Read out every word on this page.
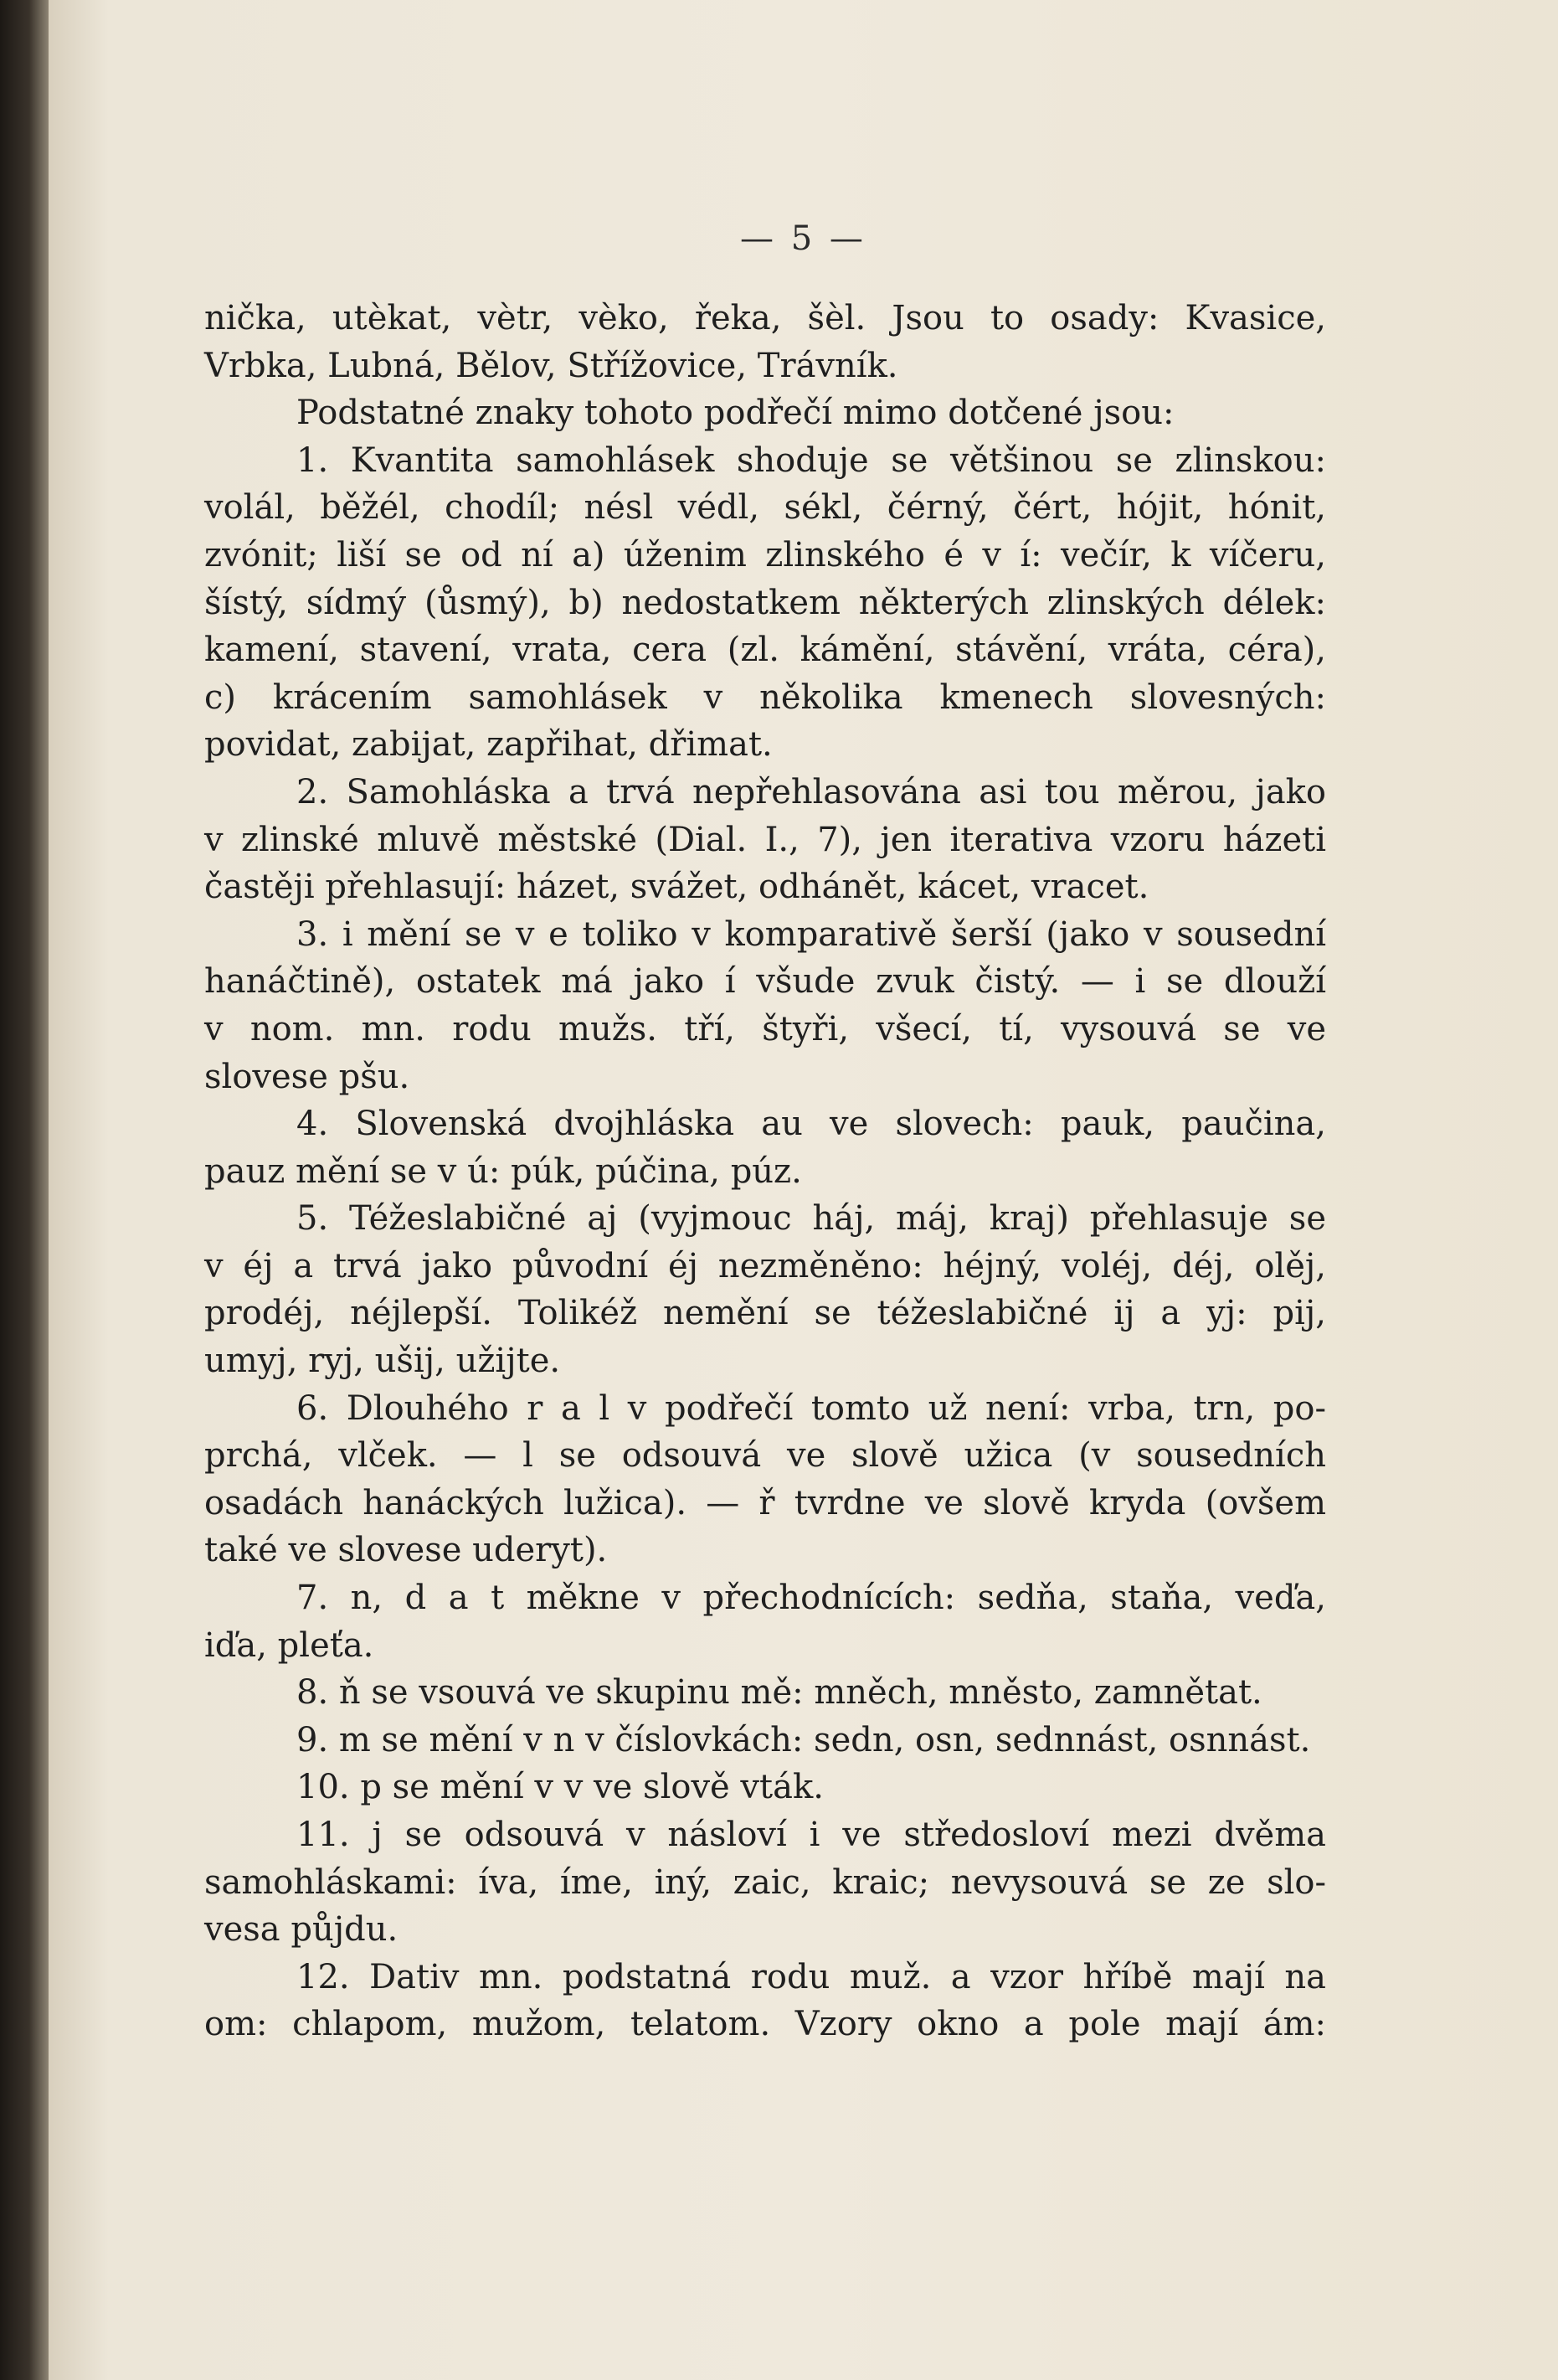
— 5 —
nička, utèkat, vètr, vèko, řeka, šèl. Jsou to osady: Kvasice,
Vrbka, Lubná, Bělov, Střížovice, Trávník.
Podstatné znaky tohoto podřečí mimo dotčené jsou:
1. Kvantita samohlásek shoduje se většinou se zlinskou:
volál, běžél, chodíl; nésl védl, sékl, čérný, čért, hójit, hónit,
zvónit; liší se od ní a) úženim zlinského é v í: večír, k víčeru,
šístý, sídmý (ůsmý), b) nedostatkem některých zlinských délek:
kamení, stavení, vrata, cera (zl. kámění, stávění, vráta, céra),
c) krácením samohlásek v několika kmenech slovesných:
povidat, zabijat, zapřihat, dřimat.
2. Samohláska a trvá nepřehlasována asi tou měrou, jako
v zlinské mluvě městské (Dial. I., 7), jen iterativa vzoru házeti
častěji přehlasují: házet, svážet, odhánět, kácet, vracet.
3. i mění se v e toliko v komparativě šerší (jako v sousední
hanáčtině), ostatek má jako í všude zvuk čistý. — i se dlouží
v nom. mn. rodu mužs. tří, štyři, všecí, tí, vysouvá se ve
slovese pšu.
4. Slovenská dvojhláska au ve slovech: pauk, paučina,
pauz mění se v ú: púk, púčina, púz.
5. Téžeslabičné aj (vyjmouc háj, máj, kraj) přehlasuje se
v éj a trvá jako původní éj nezměněno: héjný, voléj, déj, olěj,
prodéj, néjlepší. Tolikéž nemění se téžeslabičné ij a yj: pij,
umyj, ryj, ušij, užijte.
6. Dlouhého r a l v podřečí tomto už není: vrba, trn, po-
prchá, vlček. — l se odsouvá ve slově užica (v sousedních
osadách hanáckých lužica). — ř tvrdne ve slově kryda (ovšem
také ve slovese uderyt).
7. n, d a t měkne v přechodnících: sedňa, staňa, veďa,
iďa, pleťa.
8. ň se vsouvá ve skupinu mě: mněch, mněsto, zamnětat.
9. m se mění v n v číslovkách: sedn, osn, sednnást, osnnást.
10. p se mění v v ve slově vták.
11. j se odsouvá v násloví i ve středosloví mezi dvěma
samohláskami: íva, íme, iný, zaic, kraic; nevysouvá se ze slo-
vesa půjdu.
12. Dativ mn. podstatná rodu muž. a vzor hříbě mají na
om: chlapom, mužom, telatom. Vzory okno a pole mají ám:
